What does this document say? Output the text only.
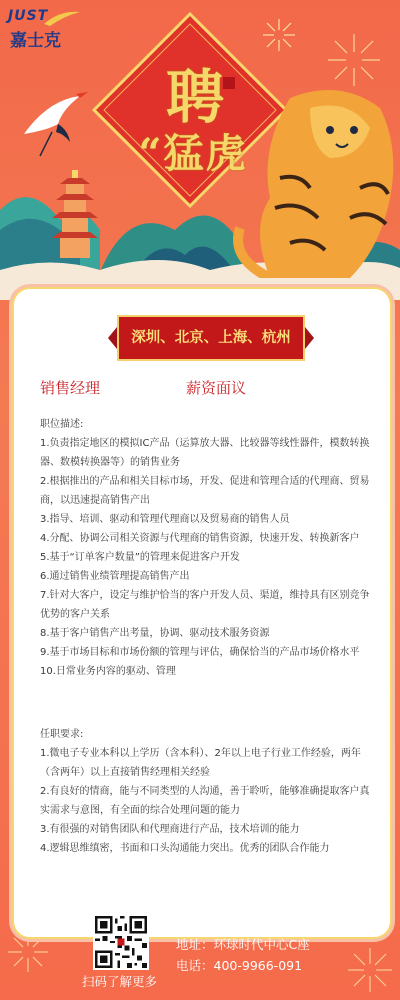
JUST
嘉士克
聘
“猛虎
深圳、北京、上海、杭州
销售经理	薪资面议
职位描述:
1.负责指定地区的模拟IC产品（运算放大器、比较器等线性器件，模数转换器、数模转换器等）的销售业务
2.根据推出的产品和相关目标市场，开发、促进和管理合适的代理商、贸易商，以迅速提高销售产出
3.指导、培训、驱动和管理代理商以及贸易商的销售人员
4.分配、协调公司相关资源与代理商的销售资源，快速开发、转换新客户
5.基于“订单客户数量”的管理来促进客户开发
6.通过销售业绩管理提高销售产出
7.针对大客户，设定与维护恰当的客户开发人员、渠道，维持具有区别竞争优势的客户关系
8.基于客户销售产出考量，协调、驱动技术服务资源
9.基于市场目标和市场份额的管理与评估，确保恰当的产品市场价格水平
10.日常业务内容的驱动、管理
任职要求:
1.微电子专业本科以上学历（含本科）、2年以上电子行业工作经验，两年（含两年）以上直接销售经理相关经验
2.有良好的情商，能与不同类型的人沟通，善于聆听，能够准确提取客户真实需求与意图，有全面的综合处理问题的能力
3.有很强的对销售团队和代理商进行产品，技术培训的能力
4.逻辑思维缜密，书面和口头沟通能力突出。优秀的团队合作能力
扫码了解更多
地址：环球时代中心C座
电话：400-9966-091
